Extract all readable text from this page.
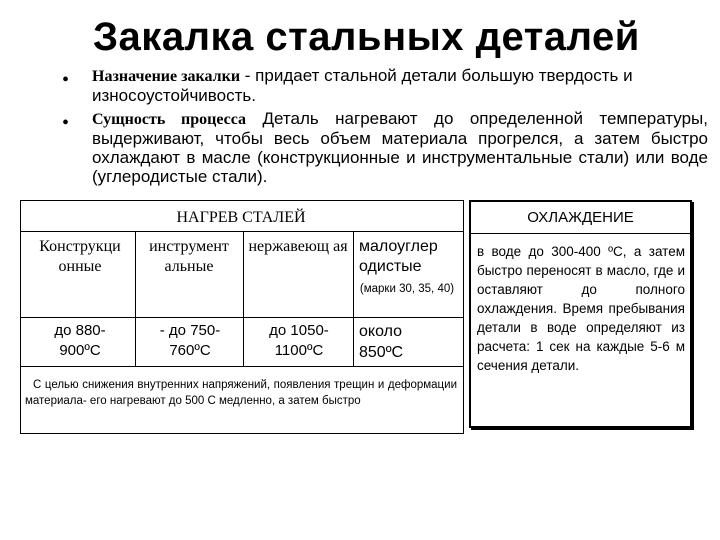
Закалка стальных деталей
• Назначение закалки - придает стальной детали большую твердость и износоустойчивость.
• Сущность процесса Деталь нагревают до определенной температуры, выдерживают, чтобы весь объем материала прогрелся, а затем быстро охлаждают в масле (конструкционные и инструментальные стали) или воде (углеродистые стали).
НАГРЕВ СТАЛЕЙ
Конструкци онные
инструмент альные
нержавеющ ая малоуглер одистые
(марки 30, 35, 40)
до 880-900ºС
- до 750-760ºС
до 1050-1100ºС
около 850ºС
С целью снижения внутренних напряжений, появления трещин и деформации материала- его нагревают до 500 С медленно, а затем быстро
ОХЛАЖДЕНИЕ
в воде до 300-400 ºС, а затем быстро переносят в масло, где и оставляют до полного охлаждения. Время пребывания детали в воде определяют из расчета: 1 сек на каждые 5-6 м сечения детали.
